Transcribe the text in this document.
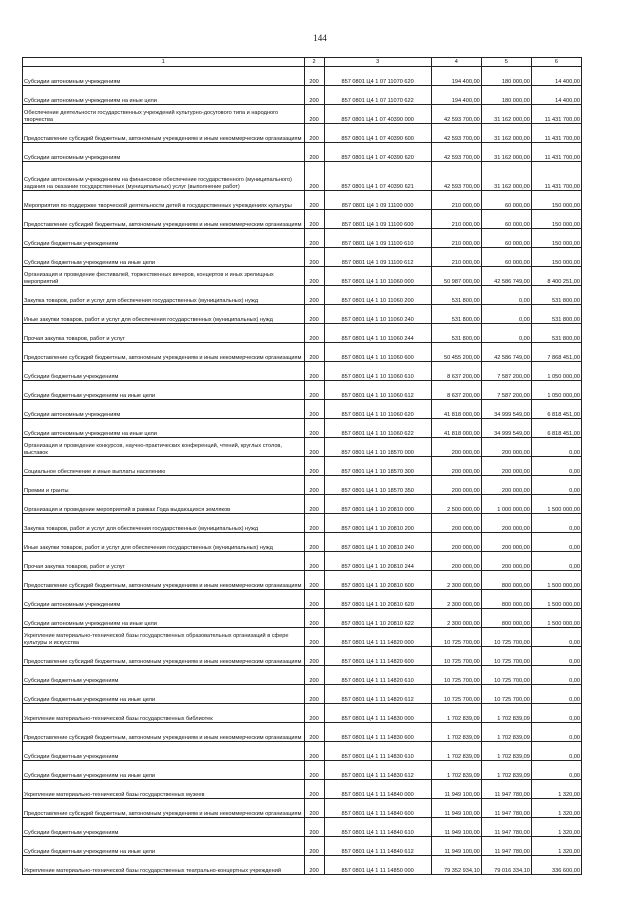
144
1	2	3	4	5	6
Субсидии автономным учреждениям	200	857 0801 Ц4 1 07 11070 620	194 400,00	180 000,00	14 400,00
Субсидии автономным учреждениям на иные цели	200	857 0801 Ц4 1 07 11070 622	194 400,00	180 000,00	14 400,00
Обеспечение деятельности государственных учреждений культурно-досугового типа и народного творчества	200	857 0801 Ц4 1 07 40390 000	42 593 700,00	31 162 000,00	11 431 700,00
Предоставление субсидий бюджетным, автономным учреждениям и иным некоммерческим организациям	200	857 0801 Ц4 1 07 40390 600	42 593 700,00	31 162 000,00	11 431 700,00
Субсидии автономным учреждениям	200	857 0801 Ц4 1 07 40390 620	42 593 700,00	31 162 000,00	11 431 700,00
Субсидии автономным учреждениям на финансовое обеспечение государственного (муниципального) задания на оказание государственных (муниципальных) услуг (выполнение работ)	200	857 0801 Ц4 1 07 40390 621	42 593 700,00	31 162 000,00	11 431 700,00
Мероприятия по поддержке творческой деятельности детей в государственных учреждениях культуры	200	857 0801 Ц4 1 09 11100 000	210 000,00	60 000,00	150 000,00
Предоставление субсидий бюджетным, автономным учреждениям и иным некоммерческим организациям	200	857 0801 Ц4 1 09 11100 600	210 000,00	60 000,00	150 000,00
Субсидии бюджетным учреждениям	200	857 0801 Ц4 1 09 11100 610	210 000,00	60 000,00	150 000,00
Субсидии бюджетным учреждениям на иные цели	200	857 0801 Ц4 1 09 11100 612	210 000,00	60 000,00	150 000,00
Организация и проведение фестивалей, торжественных вечеров, концертов и иных зрелищных мероприятий	200	857 0801 Ц4 1 10 11060 000	50 987 000,00	42 586 749,00	8 400 251,00
Закупка товаров, работ и услуг для обеспечения государственных (муниципальных) нужд	200	857 0801 Ц4 1 10 11060 200	531 800,00	0,00	531 800,00
Иные закупки товаров, работ и услуг для обеспечения государственных (муниципальных) нужд	200	857 0801 Ц4 1 10 11060 240	531 800,00	0,00	531 800,00
Прочая закупка товаров, работ и услуг	200	857 0801 Ц4 1 10 11060 244	531 800,00	0,00	531 800,00
Предоставление субсидий бюджетным, автономным учреждениям и иным некоммерческим организациям	200	857 0801 Ц4 1 10 11060 600	50 455 200,00	42 586 749,00	7 868 451,00
Субсидии бюджетным учреждениям	200	857 0801 Ц4 1 10 11060 610	8 637 200,00	7 587 200,00	1 050 000,00
Субсидии бюджетным учреждениям на иные цели	200	857 0801 Ц4 1 10 11060 612	8 637 200,00	7 587 200,00	1 050 000,00
Субсидии автономным учреждениям	200	857 0801 Ц4 1 10 11060 620	41 818 000,00	34 999 549,00	6 818 451,00
Субсидии автономным учреждениям на иные цели	200	857 0801 Ц4 1 10 11060 622	41 818 000,00	34 999 549,00	6 818 451,00
Организация и проведение конкурсов, научно-практических конференций, чтений, круглых столов, выставок	200	857 0801 Ц4 1 10 18570 000	200 000,00	200 000,00	0,00
Социальное обеспечение и иные выплаты населению	200	857 0801 Ц4 1 10 18570 300	200 000,00	200 000,00	0,00
Премии и гранты	200	857 0801 Ц4 1 10 18570 350	200 000,00	200 000,00	0,00
Организация и проведение мероприятий в рамках Года выдающихся земляков	200	857 0801 Ц4 1 10 20810 000	2 500 000,00	1 000 000,00	1 500 000,00
Закупка товаров, работ и услуг для обеспечения государственных (муниципальных) нужд	200	857 0801 Ц4 1 10 20810 200	200 000,00	200 000,00	0,00
Иные закупки товаров, работ и услуг для обеспечения государственных (муниципальных) нужд	200	857 0801 Ц4 1 10 20810 240	200 000,00	200 000,00	0,00
Прочая закупка товаров, работ и услуг	200	857 0801 Ц4 1 10 20810 244	200 000,00	200 000,00	0,00
Предоставление субсидий бюджетным, автономным учреждениям и иным некоммерческим организациям	200	857 0801 Ц4 1 10 20810 600	2 300 000,00	800 000,00	1 500 000,00
Субсидии автономным учреждениям	200	857 0801 Ц4 1 10 20810 620	2 300 000,00	800 000,00	1 500 000,00
Субсидии автономным учреждениям на иные цели	200	857 0801 Ц4 1 10 20810 622	2 300 000,00	800 000,00	1 500 000,00
Укрепление материально-технической базы государственных образовательных организаций в сфере культуры и искусства	200	857 0801 Ц4 1 11 14820 000	10 725 700,00	10 725 700,00	0,00
Предоставление субсидий бюджетным, автономным учреждениям и иным некоммерческим организациям	200	857 0801 Ц4 1 11 14820 600	10 725 700,00	10 725 700,00	0,00
Субсидии бюджетным учреждениям	200	857 0801 Ц4 1 11 14820 610	10 725 700,00	10 725 700,00	0,00
Субсидии бюджетным учреждениям на иные цели	200	857 0801 Ц4 1 11 14820 612	10 725 700,00	10 725 700,00	0,00
Укрепление материально-технической базы государственных библиотек	200	857 0801 Ц4 1 11 14830 000	1 702 839,09	1 702 839,09	0,00
Предоставление субсидий бюджетным, автономным учреждениям и иным некоммерческим организациям	200	857 0801 Ц4 1 11 14830 600	1 702 839,09	1 702 839,09	0,00
Субсидии бюджетным учреждениям	200	857 0801 Ц4 1 11 14830 610	1 702 839,09	1 702 839,09	0,00
Субсидии бюджетным учреждениям на иные цели	200	857 0801 Ц4 1 11 14830 612	1 702 839,09	1 702 839,09	0,00
Укрепление материально-технической базы государственных музеев	200	857 0801 Ц4 1 11 14840 000	11 949 100,00	11 947 780,00	1 320,00
Предоставление субсидий бюджетным, автономным учреждениям и иным некоммерческим организациям	200	857 0801 Ц4 1 11 14840 600	11 949 100,00	11 947 780,00	1 320,00
Субсидии бюджетным учреждениям	200	857 0801 Ц4 1 11 14840 610	11 949 100,00	11 947 780,00	1 320,00
Субсидии бюджетным учреждениям на иные цели	200	857 0801 Ц4 1 11 14840 612	11 949 100,00	11 947 780,00	1 320,00
Укрепление материально-технической базы государственных театрально-концертных учреждений	200	857 0801 Ц4 1 11 14850 000	79 352 934,10	79 016 334,10	336 600,00
